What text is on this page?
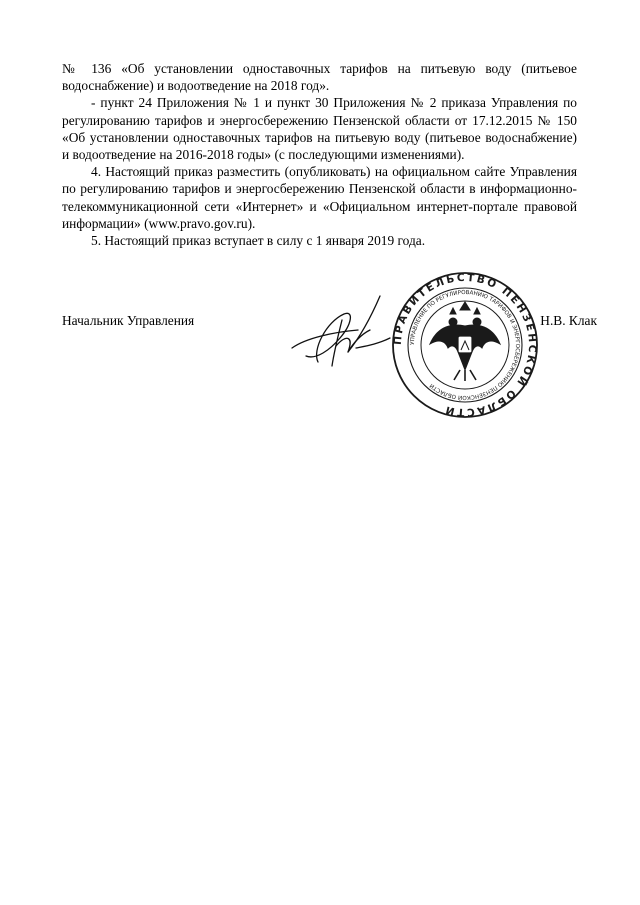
№ 136 «Об установлении одноставочных тарифов на питьевую воду (питьевое водоснабжение) и водоотведение на 2018 год».

- пункт 24 Приложения № 1 и пункт 30 Приложения № 2 приказа Управления по регулированию тарифов и энергосбережению Пензенской области от 17.12.2015 № 150 «Об установлении одноставочных тарифов на питьевую воду (питьевое водоснабжение) и водоотведение на 2016-2018 годы» (с последующими изменениями).

4. Настоящий приказ разместить (опубликовать) на официальном сайте Управления по регулированию тарифов и энергосбережению Пензенской области в информационно-телекоммуникационной сети «Интернет» и «Официальном интернет-портале правовой информации» (www.pravo.gov.ru).

5. Настоящий приказ вступает в силу с 1 января 2019 года.

Начальник Управления	Н.В. Клак
ПРАВИТЕЛЬСТВО ПЕНЗЕНСКОЙ ОБЛАСТИ
УПРАВЛЕНИЕ ПО РЕГУЛИРОВАНИЮ ТАРИФОВ И ЭНЕРГОСБЕРЕЖЕНИЮ ПЕНЗЕНСКОЙ ОБЛАСТИ
